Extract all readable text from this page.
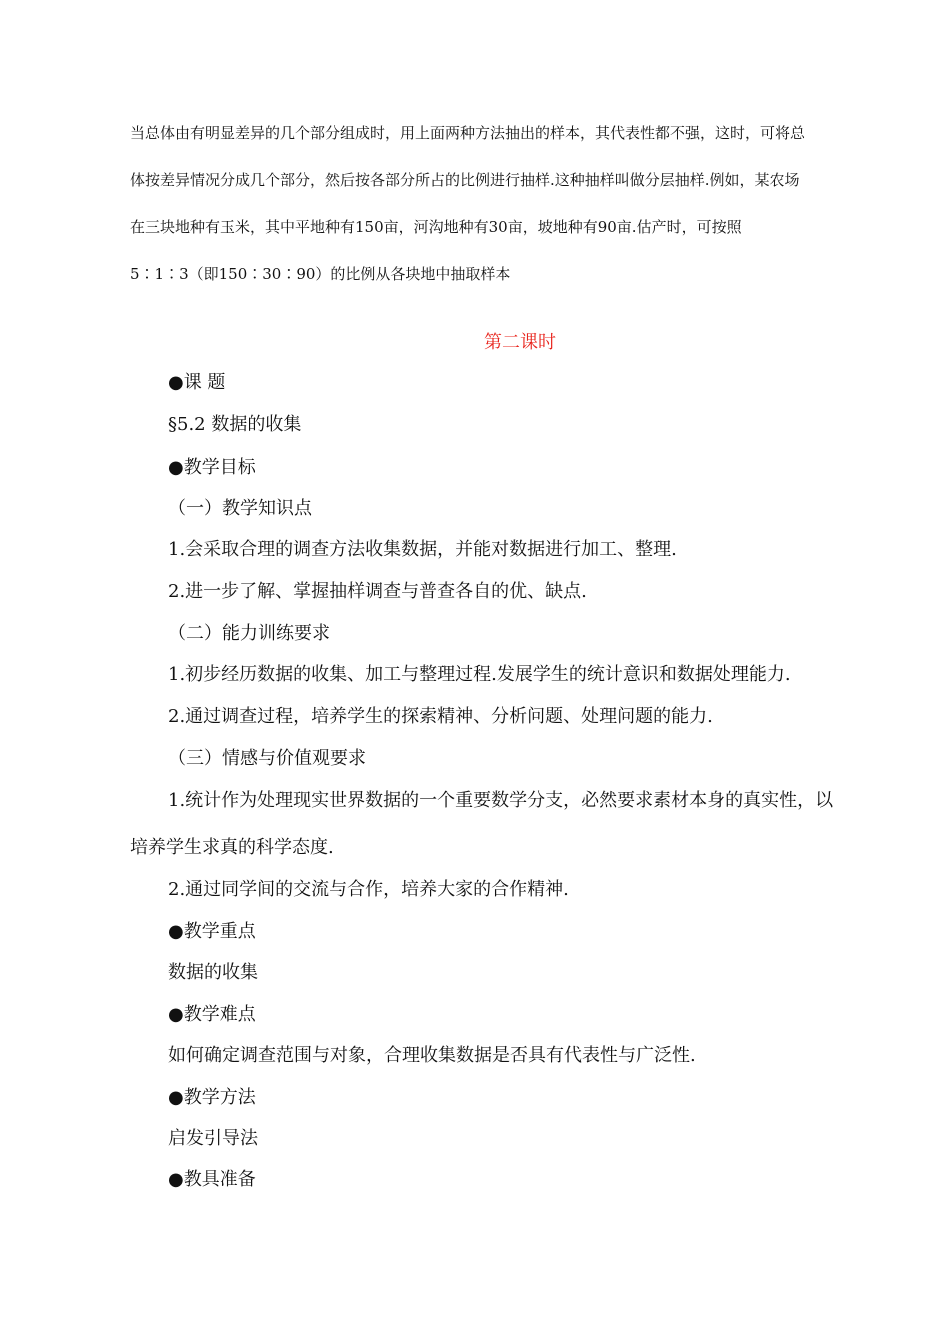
当总体由有明显差异的几个部分组成时，用上面两种方法抽出的样本，其代表性都不强，这时，可将总
体按差异情况分成几个部分，然后按各部分所占的比例进行抽样.这种抽样叫做分层抽样.例如，某农场
在三块地种有玉米，其中平地种有150亩，河沟地种有30亩，坡地种有90亩.估产时，可按照
5∶1∶3（即150∶30∶90）的比例从各块地中抽取样本
第二课时
●课 题
§5.2 数据的收集
●教学目标
（一）教学知识点
1.会采取合理的调查方法收集数据，并能对数据进行加工、整理.
2.进一步了解、掌握抽样调查与普查各自的优、缺点.
（二）能力训练要求
1.初步经历数据的收集、加工与整理过程.发展学生的统计意识和数据处理能力.
2.通过调查过程，培养学生的探索精神、分析问题、处理问题的能力.
（三）情感与价值观要求
1.统计作为处理现实世界数据的一个重要数学分支，必然要求素材本身的真实性，以
培养学生求真的科学态度.
2.通过同学间的交流与合作，培养大家的合作精神.
●教学重点
数据的收集
●教学难点
如何确定调查范围与对象，合理收集数据是否具有代表性与广泛性.
●教学方法
启发引导法
●教具准备
